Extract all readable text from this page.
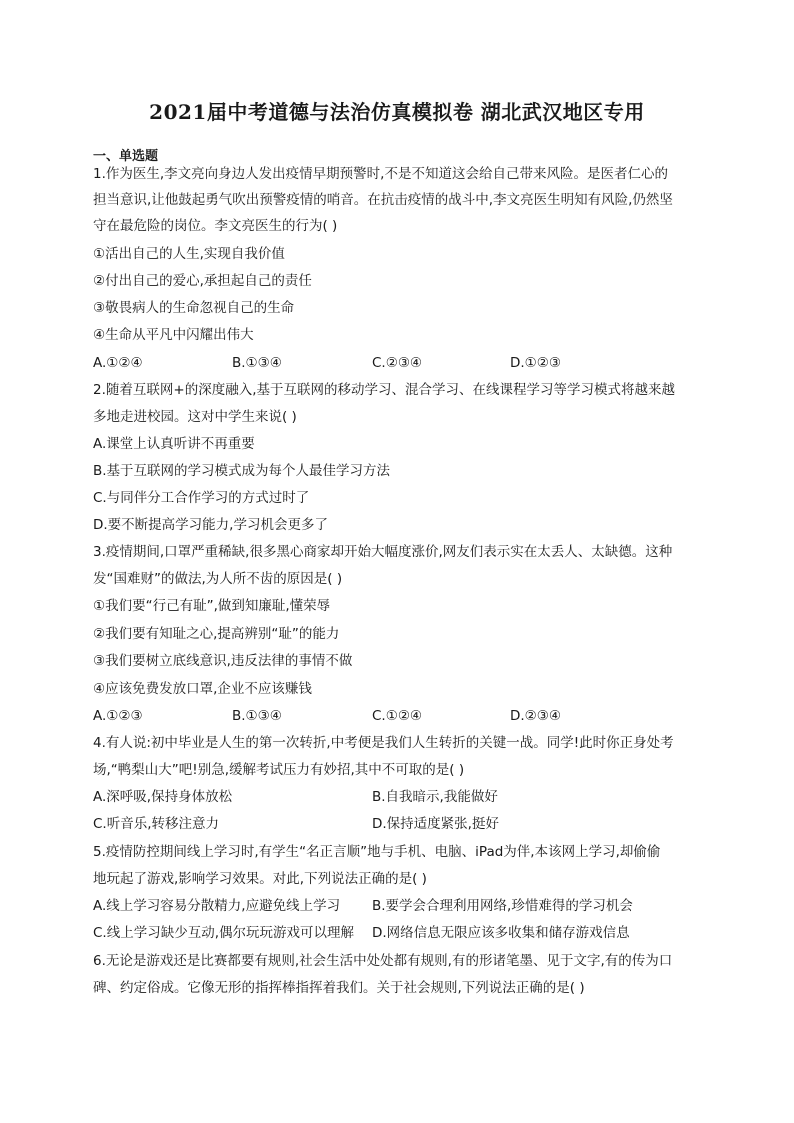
2021届中考道德与法治仿真模拟卷 湖北武汉地区专用
一、单选题
1.作为医生,李文亮向身边人发出疫情早期预警时,不是不知道这会给自己带来风险。是医者仁心的
担当意识,让他鼓起勇气吹出预警疫情的哨音。在抗击疫情的战斗中,李文亮医生明知有风险,仍然坚
守在最危险的岗位。李文亮医生的行为( )
①活出自己的人生,实现自我价值
②付出自己的爱心,承担起自己的责任
③敬畏病人的生命忽视自己的生命
④生命从平凡中闪耀出伟大
A.①②④	B.①③④	C.②③④	D.①②③
2.随着互联网+的深度融入,基于互联网的移动学习、混合学习、在线课程学习等学习模式将越来越
多地走进校园。这对中学生来说( )
A.课堂上认真听讲不再重要
B.基于互联网的学习模式成为每个人最佳学习方法
C.与同伴分工合作学习的方式过时了
D.要不断提高学习能力,学习机会更多了
3.疫情期间,口罩严重稀缺,很多黑心商家却开始大幅度涨价,网友们表示实在太丢人、太缺德。这种
发“国难财”的做法,为人所不齿的原因是( )
①我们要“行己有耻”,做到知廉耻,懂荣辱
②我们要有知耻之心,提高辨别“耻”的能力
③我们要树立底线意识,违反法律的事情不做
④应该免费发放口罩,企业不应该赚钱
A.①②③	B.①③④	C.①②④	D.②③④
4.有人说:初中毕业是人生的第一次转折,中考便是我们人生转折的关键一战。同学!此时你正身处考
场,“鸭梨山大”吧!别急,缓解考试压力有妙招,其中不可取的是( )
A.深呼吸,保持身体放松	B.自我暗示,我能做好
C.听音乐,转移注意力	D.保持适度紧张,挺好
5.疫情防控期间线上学习时,有学生“名正言顺”地与手机、电脑、iPad为伴,本该网上学习,却偷偷
地玩起了游戏,影响学习效果。对此,下列说法正确的是( )
A.线上学习容易分散精力,应避免线上学习 B.要学会合理利用网络,珍惜难得的学习机会
C.线上学习缺少互动,偶尔玩玩游戏可以理解 D.网络信息无限应该多收集和储存游戏信息
6.无论是游戏还是比赛都要有规则,社会生活中处处都有规则,有的形诸笔墨、见于文字,有的传为口
碑、约定俗成。它像无形的指挥棒指挥着我们。关于社会规则,下列说法正确的是( )
